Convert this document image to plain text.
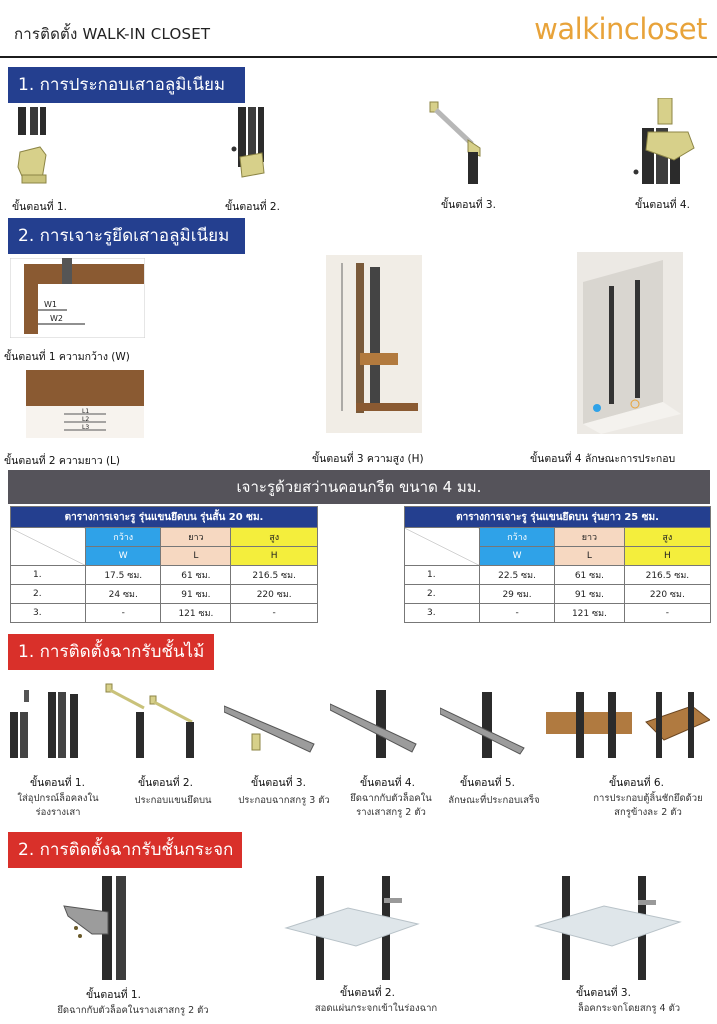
การติดตั้ง WALK-IN CLOSET	walkincloset
1. การประกอบเสาอลูมิเนียม
ขั้นตอนที่ 1.	ขั้นตอนที่ 2.	ขั้นตอนที่ 3.	ขั้นตอนที่ 4.
2. การเจาะรูยึดเสาอลูมิเนียม
W1
W2
ขั้นตอนที่ 1 ความกว้าง (W)
L1
L2
L3
ขั้นตอนที่ 2 ความยาว (L)	ขั้นตอนที่ 3 ความสูง (H)	ขั้นตอนที่ 4 ลักษณะการประกอบ
เจาะรูด้วยสว่านคอนกรีต ขนาด 4 มม.
ตารางการเจาะรู รุ่นแขนยึดบน รุ่นสั้น 20 ซม.			
	กว้าง	ยาว	สูง
	W	L	H
1.	17.5 ซม.	61 ซม.	216.5 ซม.
2.	24 ซม.	91 ซม.	220 ซม.
3.	-	121 ซม.	-
ตารางการเจาะรู รุ่นแขนยึดบน รุ่นยาว 25 ซม.			
	กว้าง	ยาว	สูง
	W	L	H
1.	22.5 ซม.	61 ซม.	216.5 ซม.
2.	29 ซม.	91 ซม.	220 ซม.
3.	-	121 ซม.	-
1. การติดตั้งฉากรับชั้นไม้
ขั้นตอนที่ 1.
ใส่อุปกรณ์ล็อคลงใน
ร่องรางเสา
ขั้นตอนที่ 2.
ประกอบแขนยึดบน
ขั้นตอนที่ 3.
ประกอบฉากสกรู 3 ตัว
ขั้นตอนที่ 4.
ยึดฉากกับตัวล็อคใน
รางเสาสกรู 2 ตัว
ขั้นตอนที่ 5.
ลักษณะที่ประกอบเสร็จ
ขั้นตอนที่ 6.
การประกอบตู้ลิ้นชักยึดด้วย
สกรูข้างละ 2 ตัว
2. การติดตั้งฉากรับชั้นกระจก
ขั้นตอนที่ 1.
ยึดฉากกับตัวล็อคในรางเสาสกรู 2 ตัว
ขั้นตอนที่ 2.
สอดแผ่นกระจกเข้าในร่องฉาก
ขั้นตอนที่ 3.
ล็อคกระจกโดยสกรู 4 ตัว
